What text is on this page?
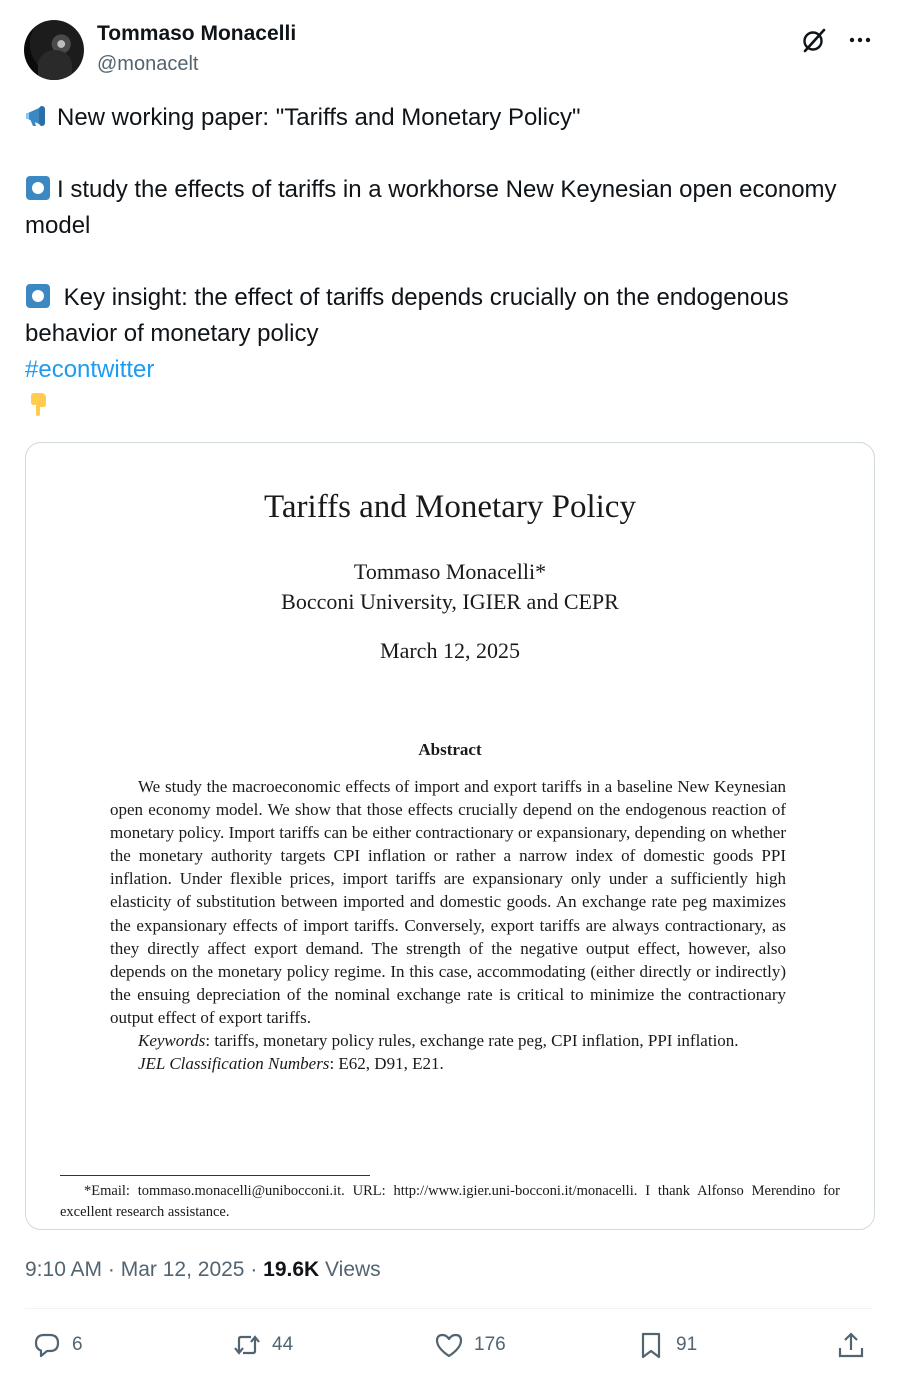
Tommaso Monacelli
@monacelt

New working paper: "Tariffs and Monetary Policy"

I study the effects of tariffs in a workhorse New Keynesian open economy model

Key insight: the effect of tariffs depends crucially on the endogenous behavior of monetary policy

#econtwitter

Tariffs and Monetary Policy
Tommaso Monacelli*
Bocconi University, IGIER and CEPR
March 12, 2025
Abstract

We study the macroeconomic effects of import and export tariffs in a baseline New Keynesian open economy model. We show that those effects crucially depend on the endogenous reaction of monetary policy. Import tariffs can be either contractionary or expansionary, depending on whether the monetary authority targets CPI inflation or rather a narrow index of domestic goods PPI inflation. Under flexible prices, import tariffs are expansionary only under a sufficiently high elasticity of substitution between imported and domestic goods. An exchange rate peg maximizes the expansionary effects of import tariffs. Conversely, export tariffs are always contractionary, as they directly affect export demand. The strength of the negative output effect, however, also depends on the monetary policy regime. In this case, accommodating (either directly or indirectly) the ensuing depreciation of the nominal exchange rate is critical to minimize the contractionary output effect of export tariffs.

Keywords: tariffs, monetary policy rules, exchange rate peg, CPI inflation, PPI inflation.

JEL Classification Numbers: E62, D91, E21.

*Email: tommaso.monacelli@unibocconi.it. URL: http://www.igier.uni-bocconi.it/monacelli. I thank Alfonso Merendino for excellent research assistance.

9:10 AM · Mar 12, 2025 · 19.6K Views
6	44	176	91
